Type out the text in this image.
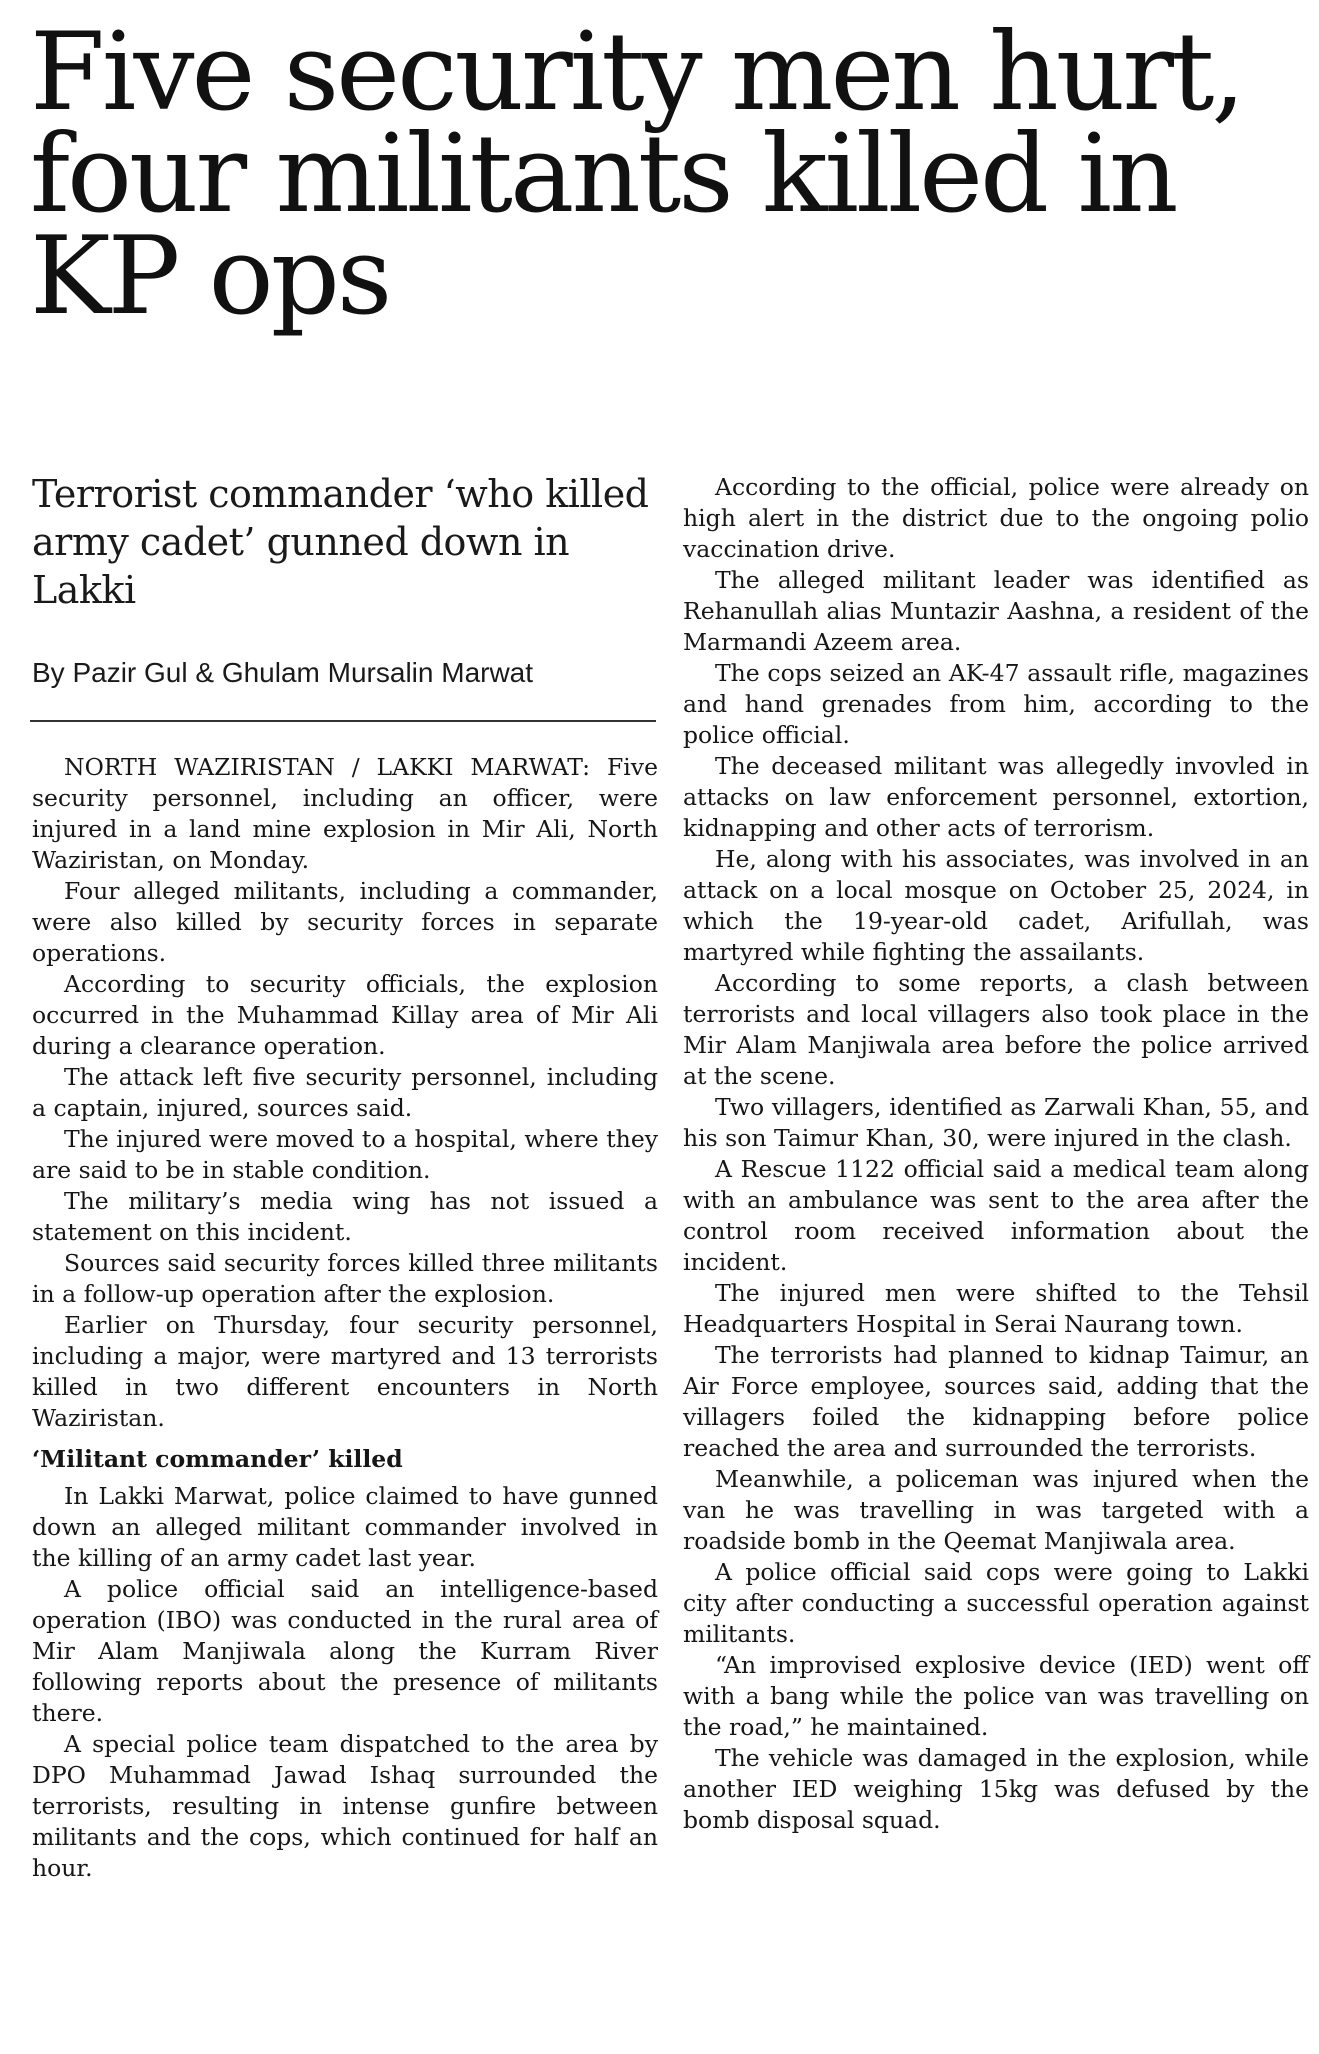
Five security men hurt, four militants killed in KP ops
Terrorist commander ‘who killed army cadet’ gunned down in Lakki
By Pazir Gul & Ghulam Mursalin Marwat

NORTH WAZIRISTAN / LAKKI MARWAT: Five security personnel, including an officer, were injured in a land mine explosion in Mir Ali, North Waziristan, on Monday.

Four alleged militants, including a commander, were also killed by security forces in separate operations.

According to security officials, the explosion occurred in the Muhammad Killay area of Mir Ali during a clearance operation.

The attack left five security personnel, including a captain, injured, sources said.

The injured were moved to a hospital, where they are said to be in stable condition.

The military’s media wing has not issued a statement on this incident.

Sources said security forces killed three militants in a follow-up operation after the explosion.

Earlier on Thursday, four security personnel, including a major, were martyred and 13 terrorists killed in two different encounters in North Waziristan.

‘Militant commander’ killed

In Lakki Marwat, police claimed to have gunned down an alleged militant commander involved in the killing of an army cadet last year.

A police official said an intelligence-based operation (IBO) was conducted in the rural area of Mir Alam Manjiwala along the Kurram River following reports about the presence of militants there.

A special police team dispatched to the area by DPO Muhammad Jawad Ishaq surrounded the terrorists, resulting in intense gunfire between militants and the cops, which continued for half an hour.

According to the official, police were already on high alert in the district due to the ongoing polio vaccination drive.

The alleged militant leader was identified as Rehanullah alias Muntazir Aashna, a resident of the Marmandi Azeem area.

The cops seized an AK-47 assault rifle, magazines and hand grenades from him, according to the police official.

The deceased militant was allegedly invovled in attacks on law enforcement personnel, extortion, kidnapping and other acts of terrorism.

He, along with his associates, was involved in an attack on a local mosque on October 25, 2024, in which the 19-year-old cadet, Arifullah, was martyred while fighting the assailants.

According to some reports, a clash between terrorists and local villagers also took place in the Mir Alam Manjiwala area before the police arrived at the scene.

Two villagers, identified as Zarwali Khan, 55, and his son Taimur Khan, 30, were injured in the clash.

A Rescue 1122 official said a medical team along with an ambulance was sent to the area after the control room received information about the incident.

The injured men were shifted to the Tehsil Headquarters Hospital in Serai Naurang town.

The terrorists had planned to kidnap Taimur, an Air Force employee, sources said, adding that the villagers foiled the kidnapping before police reached the area and surrounded the terrorists.

Meanwhile, a policeman was injured when the van he was travelling in was targeted with a roadside bomb in the Qeemat Manjiwala area.

A police official said cops were going to Lakki city after conducting a successful operation against militants.

“An improvised explosive device (IED) went off with a bang while the police van was travelling on the road,” he maintained.

The vehicle was damaged in the explosion, while another IED weighing 15kg was defused by the bomb disposal squad.
